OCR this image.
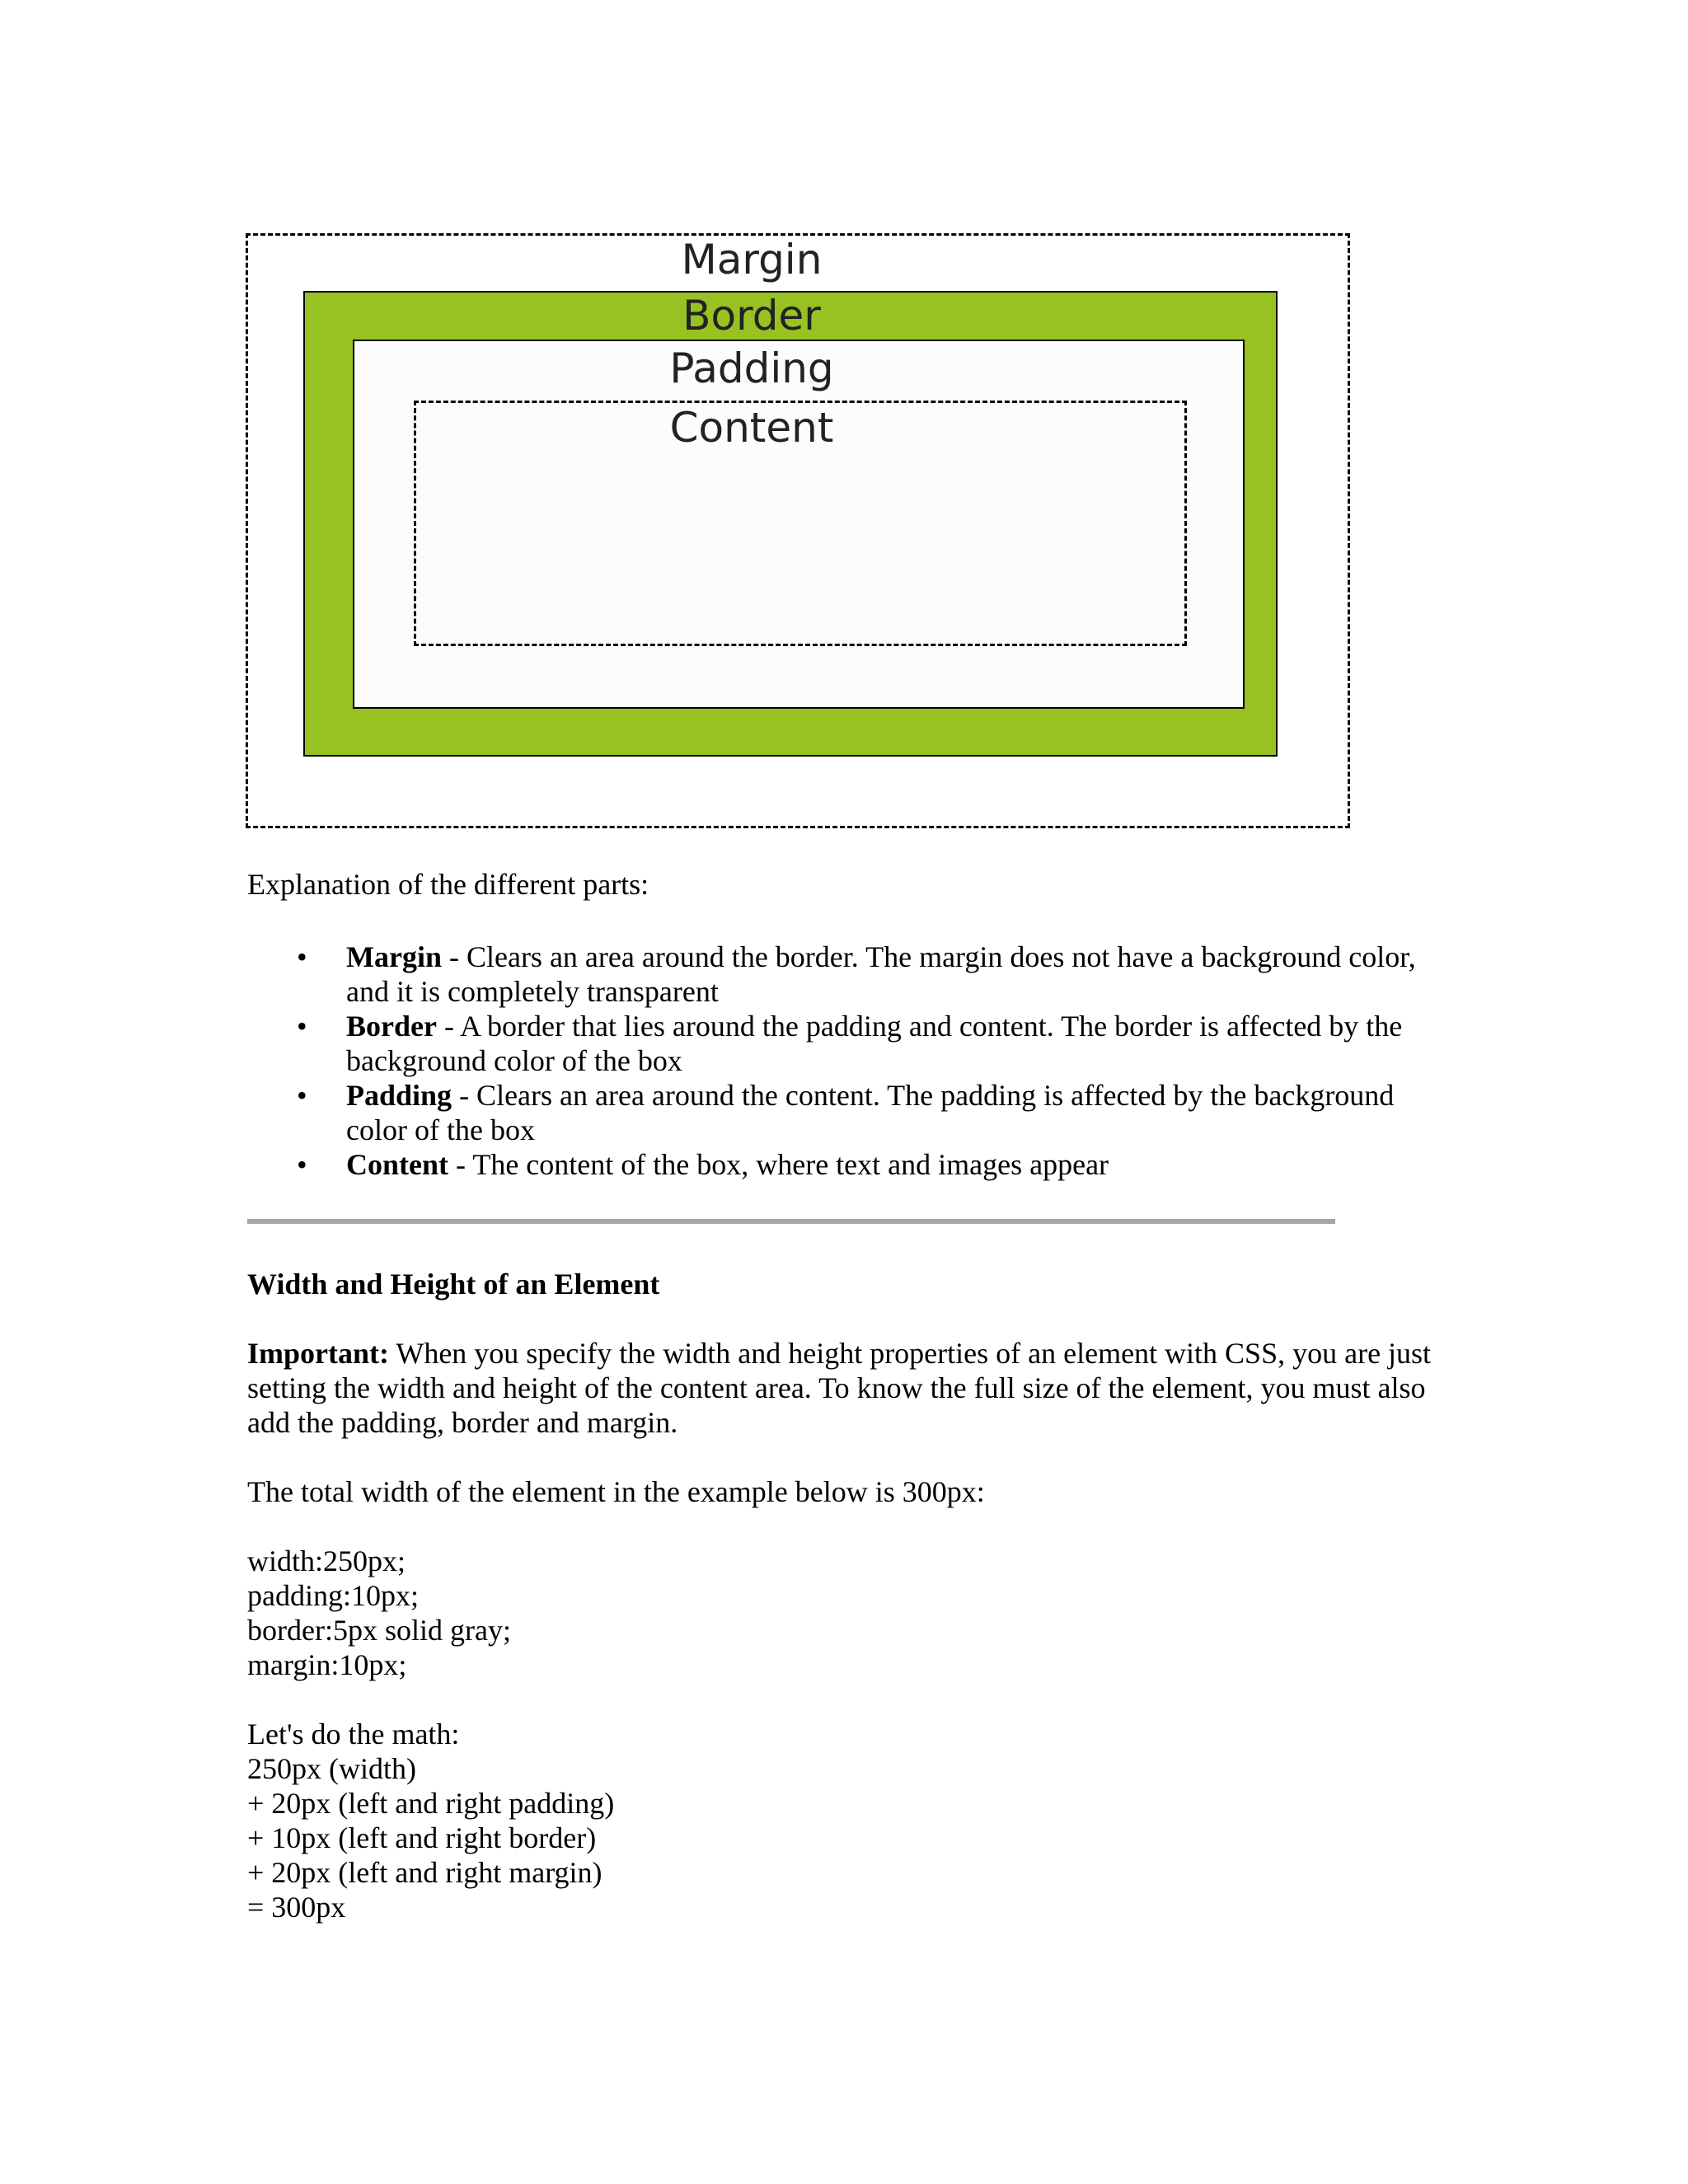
Margin
Border
Padding
Content

Explanation of the different parts:

• Margin - Clears an area around the border. The margin does not have a background color, and it is completely transparent
• Border - A border that lies around the padding and content. The border is affected by the background color of the box
• Padding - Clears an area around the content. The padding is affected by the background color of the box
• Content - The content of the box, where text and images appear

Width and Height of an Element

Important: When you specify the width and height properties of an element with CSS, you are just setting the width and height of the content area. To know the full size of the element, you must also add the padding, border and margin.

The total width of the element in the example below is 300px:

width:250px;
padding:10px;
border:5px solid gray;
margin:10px;
Let's do the math:
250px (width)
+ 20px (left and right padding)
+ 10px (left and right border)
+ 20px (left and right margin)
= 300px
